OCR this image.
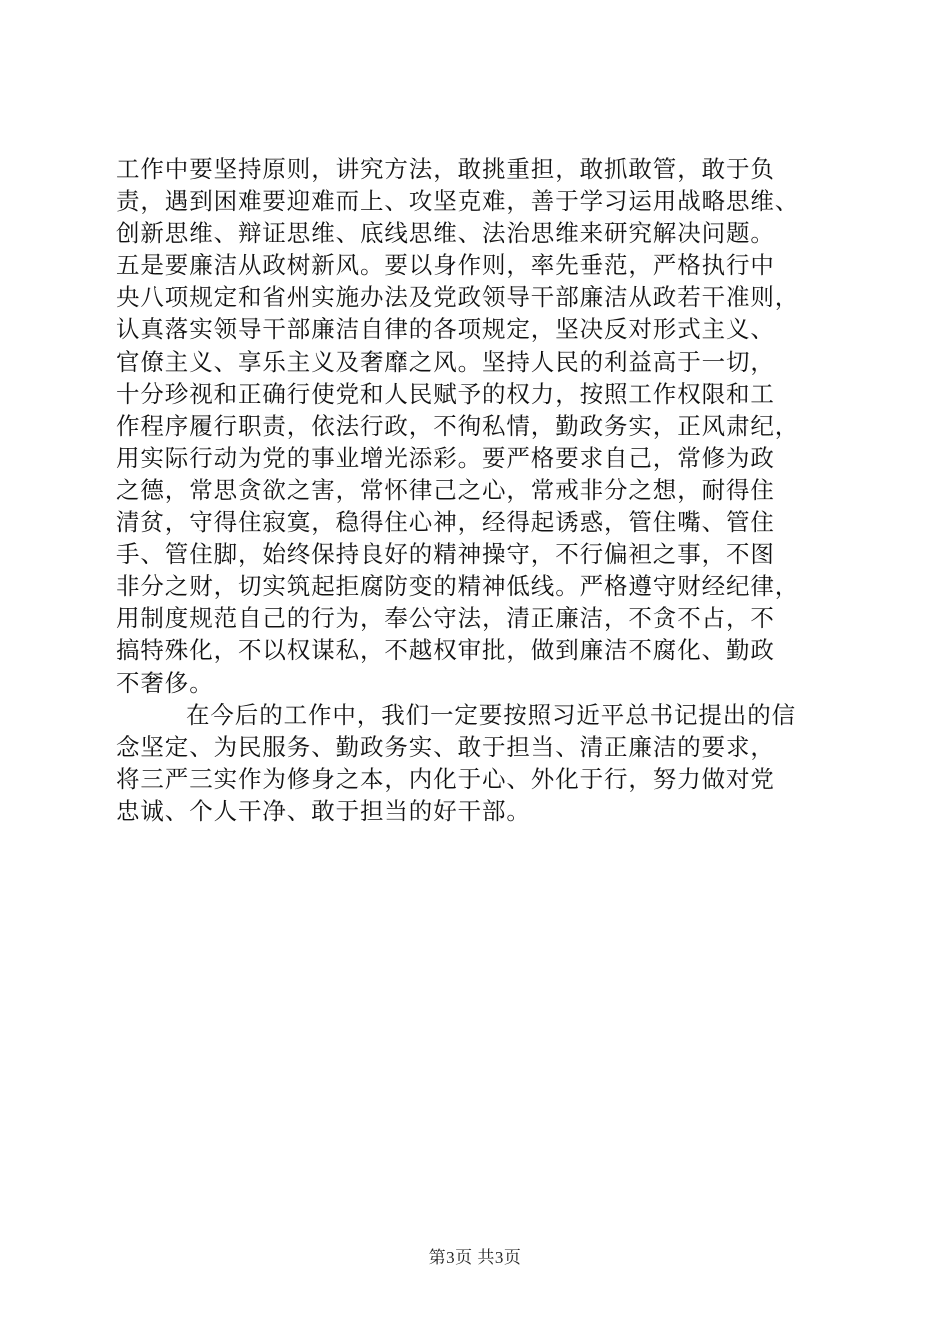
工作中要坚持原则，讲究方法，敢挑重担，敢抓敢管，敢于负
责，遇到困难要迎难而上、攻坚克难，善于学习运用战略思维、
创新思维、辩证思维、底线思维、法治思维来研究解决问题。
五是要廉洁从政树新风。要以身作则，率先垂范，严格执行中
央八项规定和省州实施办法及党政领导干部廉洁从政若干准则，
认真落实领导干部廉洁自律的各项规定，坚决反对形式主义、
官僚主义、享乐主义及奢靡之风。坚持人民的利益高于一切，
十分珍视和正确行使党和人民赋予的权力，按照工作权限和工
作程序履行职责，依法行政，不徇私情，勤政务实，正风肃纪，
用实际行动为党的事业增光添彩。要严格要求自己，常修为政
之德，常思贪欲之害，常怀律己之心，常戒非分之想，耐得住
清贫，守得住寂寞，稳得住心神，经得起诱惑，管住嘴、管住
手、管住脚，始终保持良好的精神操守，不行偏袒之事，不图
非分之财，切实筑起拒腐防变的精神低线。严格遵守财经纪律，
用制度规范自己的行为，奉公守法，清正廉洁，不贪不占，不
搞特殊化，不以权谋私，不越权审批，做到廉洁不腐化、勤政
不奢侈。
在今后的工作中，我们一定要按照习近平总书记提出的信
念坚定、为民服务、勤政务实、敢于担当、清正廉洁的要求，
将三严三实作为修身之本，内化于心、外化于行，努力做对党
忠诚、个人干净、敢于担当的好干部。
第3页 共3页
